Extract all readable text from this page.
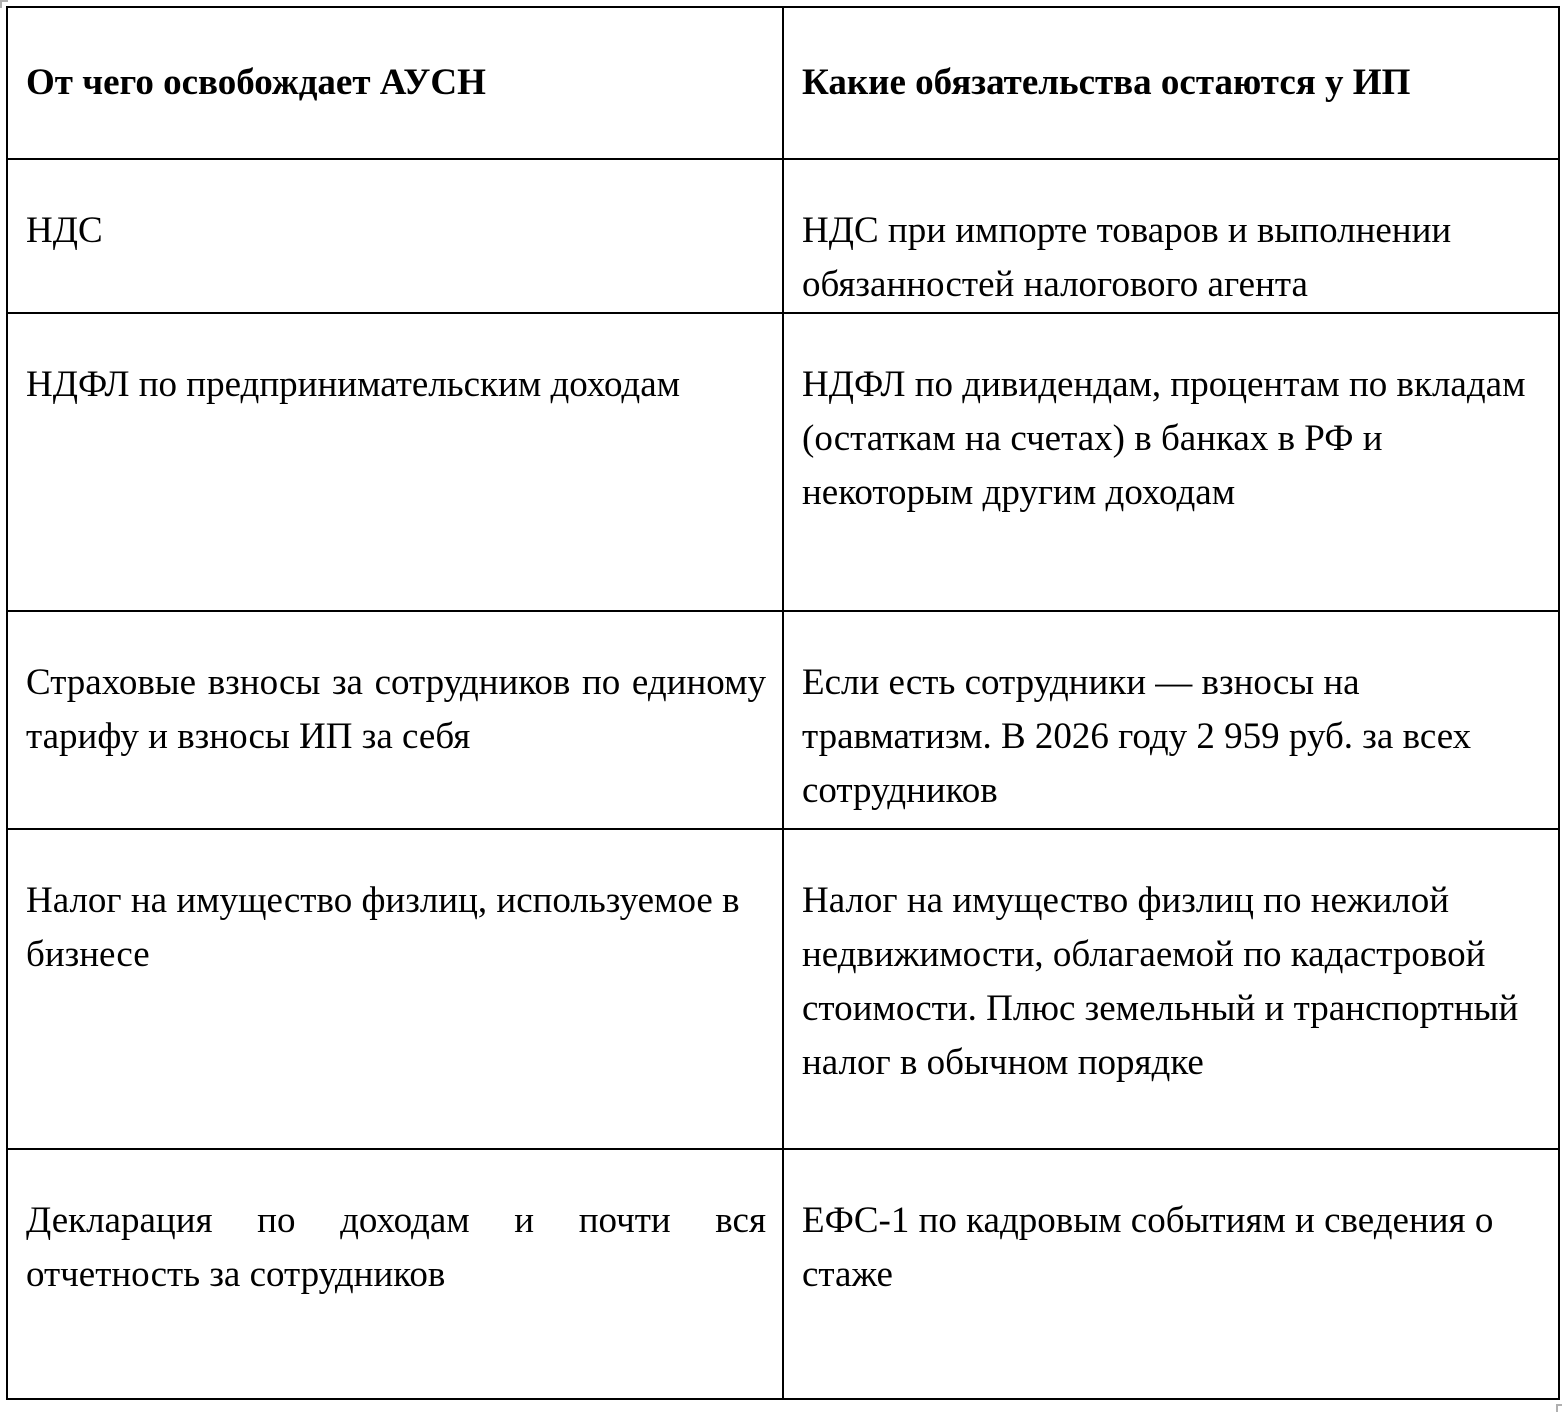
От чего освобождает АУСН	Какие обязательства остаются у ИП
НДС	НДС при импорте товаров и выполнении обязанностей налогового агента
НДФЛ по предпринимательским доходам	НДФЛ по дивидендам, процентам по вкладам (остаткам на счетах) в банках в РФ и некоторым другим доходам
Страховые взносы за сотрудников по единому тарифу и взносы ИП за себя	Если есть сотрудники — взносы на травматизм. В 2026 году 2 959 руб. за всех сотрудников
Налог на имущество физлиц, используемое в бизнесе	Налог на имущество физлиц по нежилой недвижимости, облагаемой по кадастровой стоимости. Плюс земельный и транспортный налог в обычном порядке
Декларация по доходам и почти вся отчетность за сотрудников	ЕФС-1 по кадровым событиям и сведения о стаже
